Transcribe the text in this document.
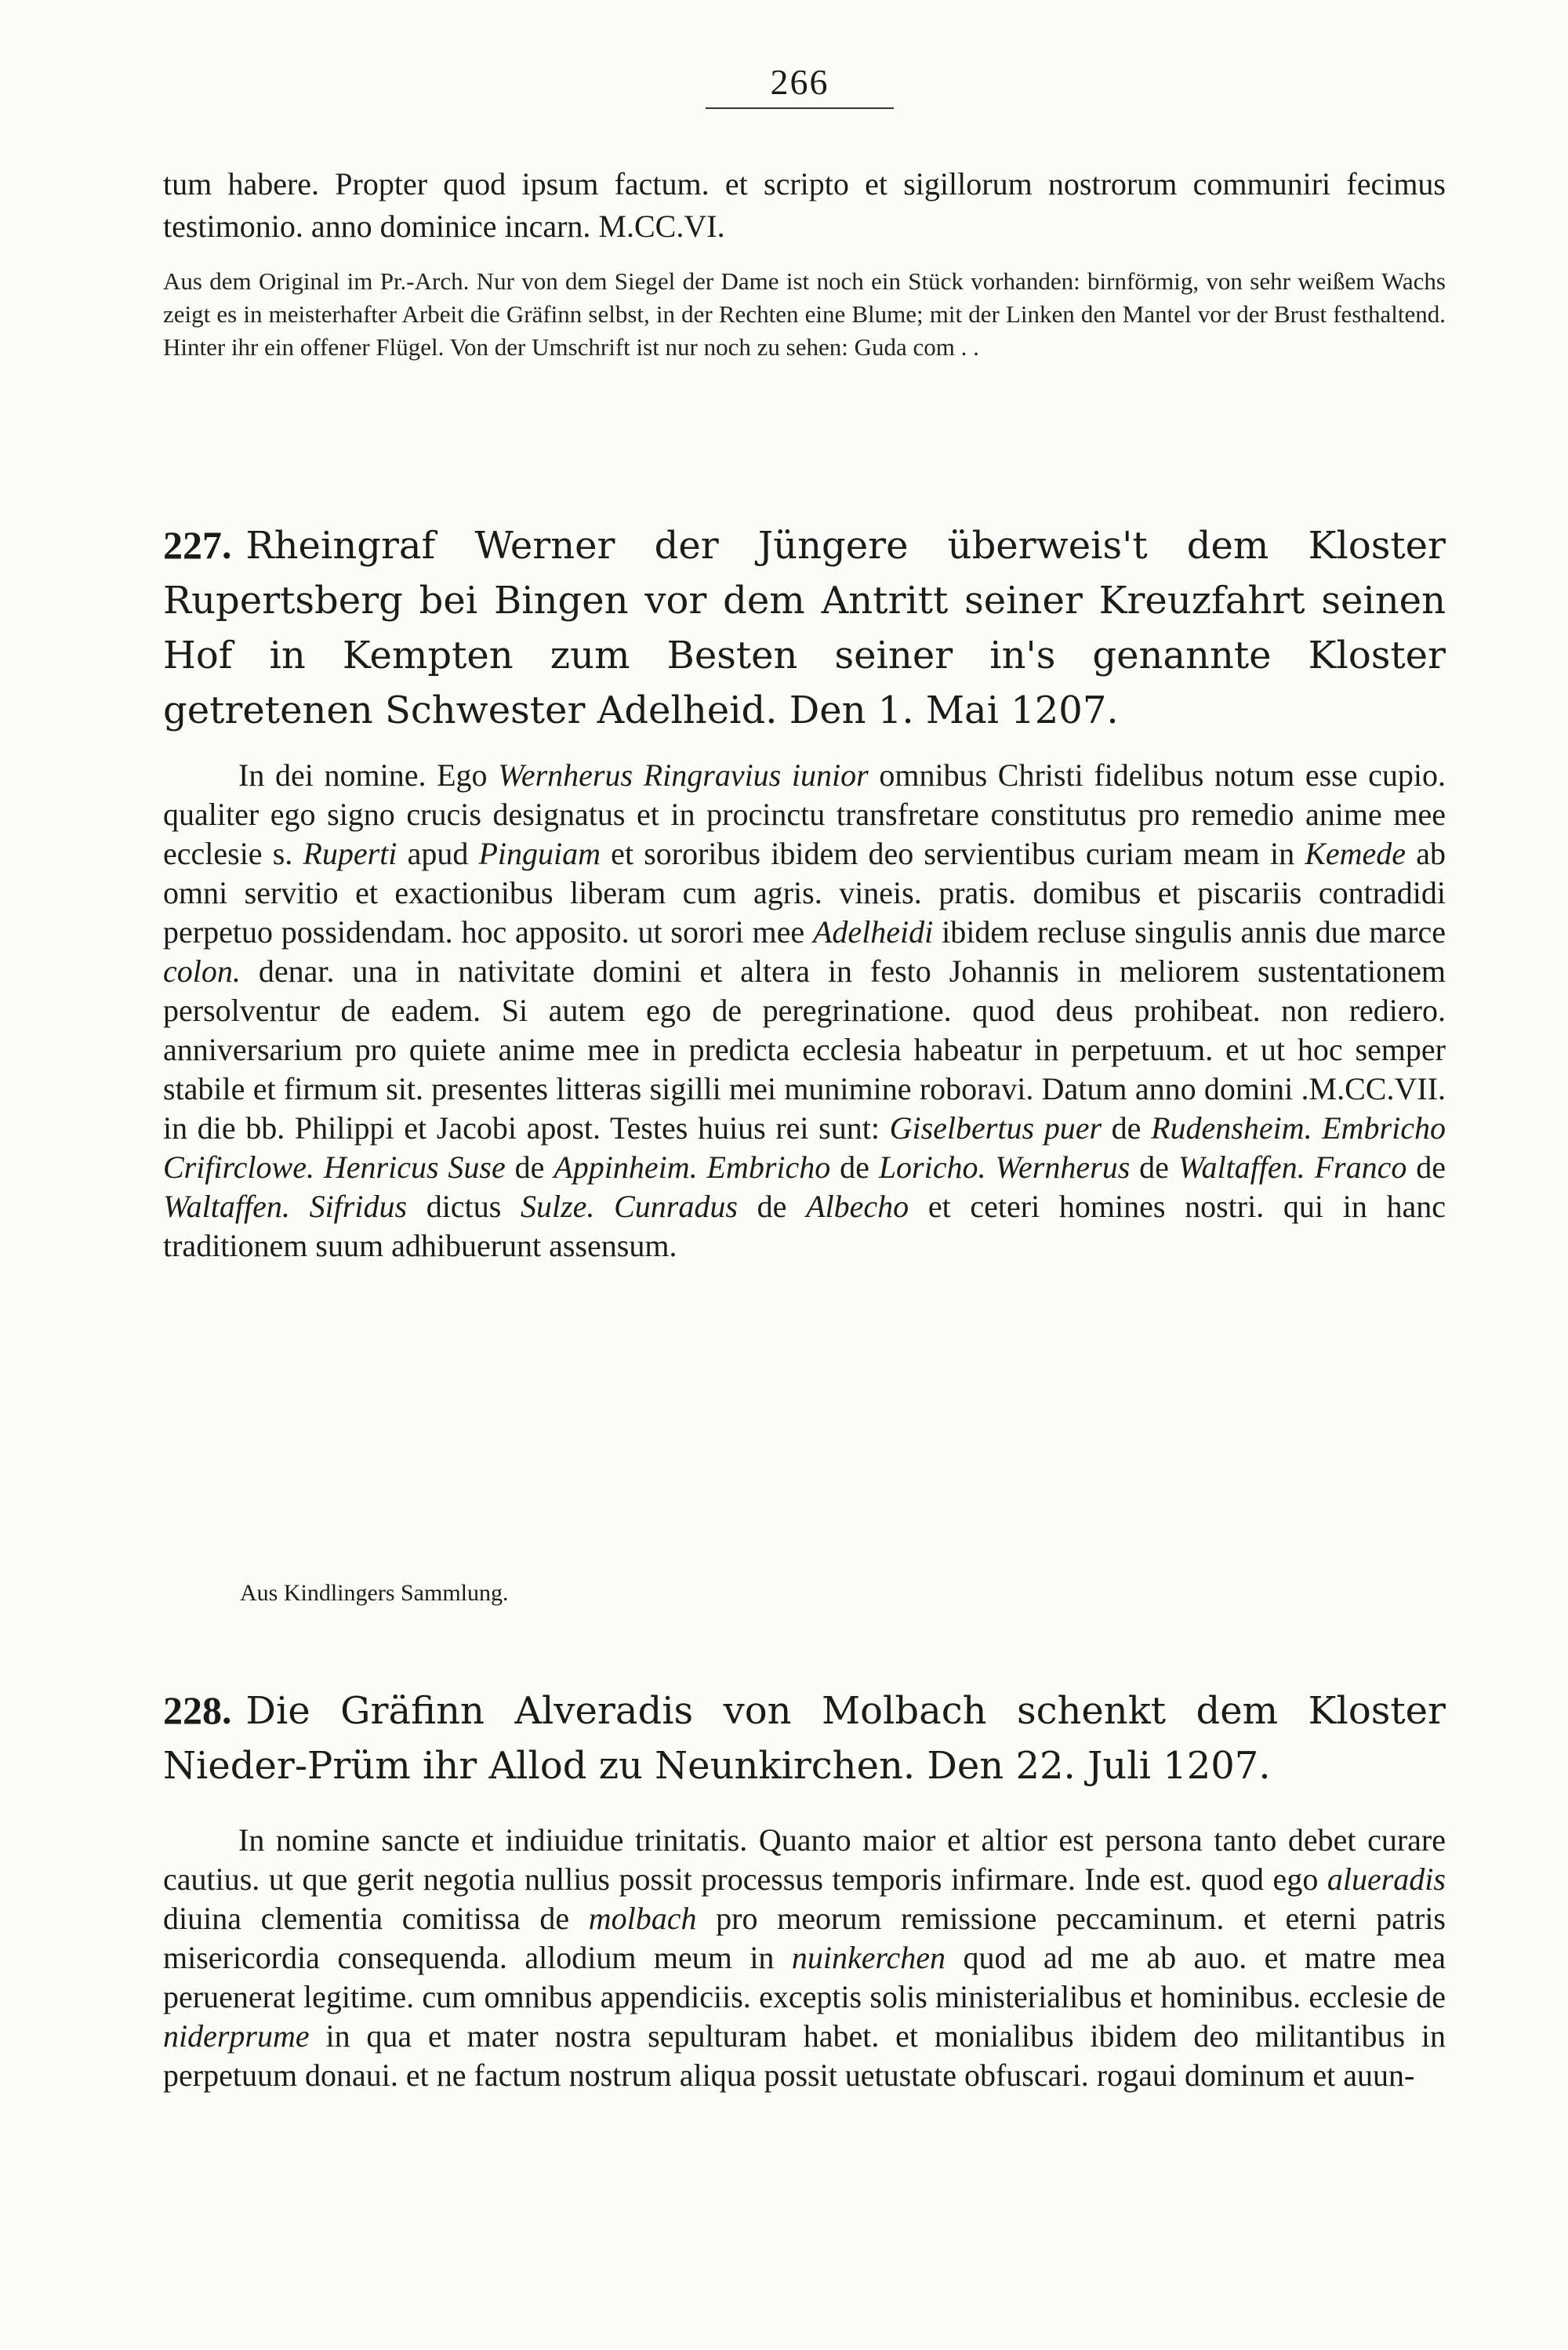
266

tum habere. Propter quod ipsum factum. et scripto et sigillorum nostrorum communiri fecimus testimonio. anno dominice incarn. M.CC.VI.

Aus dem Original im Pr.-Arch. Nur von dem Siegel der Dame ist noch ein Stück vorhanden: birnförmig, von sehr weißem Wachs zeigt es in meisterhafter Arbeit die Gräfinn selbst, in der Rechten eine Blume; mit der Linken den Mantel vor der Brust festhaltend. Hinter ihr ein offener Flügel. Von der Umschrift ist nur noch zu sehen: Guda com . .

227. Rheingraf Werner der Jüngere überweis't dem Kloster Rupertsberg bei Bingen vor dem Antritt seiner Kreuzfahrt seinen Hof in Kempten zum Besten seiner in's genannte Kloster getretenen Schwester Adelheid. Den 1. Mai 1207.

In dei nomine. Ego Wernherus Ringravius iunior omnibus Christi fidelibus notum esse cupio. qualiter ego signo crucis designatus et in procinctu transfretare constitutus pro remedio anime mee ecclesie s. Ruperti apud Pinguiam et sororibus ibidem deo servientibus curiam meam in Kemede ab omni servitio et exactionibus liberam cum agris. vineis. pratis. domibus et piscariis contradidi perpetuo possidendam. hoc apposito. ut sorori mee Adelheidi ibidem recluse singulis annis due marce colon. denar. una in nativitate domini et altera in festo Johannis in meliorem sustentationem persolventur de eadem. Si autem ego de peregrinatione. quod deus prohibeat. non rediero. anniversarium pro quiete anime mee in predicta ecclesia habeatur in perpetuum. et ut hoc semper stabile et firmum sit. presentes litteras sigilli mei munimine roboravi. Datum anno domini .M.CC.VII. in die bb. Philippi et Jacobi apost. Testes huius rei sunt: Giselbertus puer de Rudensheim. Embricho Crifirclowe. Henricus Suse de Appinheim. Embricho de Loricho. Wernherus de Waltaffen. Franco de Waltaffen. Sifridus dictus Sulze. Cunradus de Albecho et ceteri homines nostri. qui in hanc traditionem suum adhibuerunt assensum.

Aus Kindlingers Sammlung.

228. Die Gräfinn Alveradis von Molbach schenkt dem Kloster Nieder-Prüm ihr Allod zu Neunkirchen. Den 22. Juli 1207.

In nomine sancte et indiuidue trinitatis. Quanto maior et altior est persona tanto debet curare cautius. ut que gerit negotia nullius possit processus temporis infirmare. Inde est. quod ego alueradis diuina clementia comitissa de molbach pro meorum remissione peccaminum. et eterni patris misericordia consequenda. allodium meum in nuinkerchen quod ad me ab auo. et matre mea peruenerat legitime. cum omnibus appendiciis. exceptis solis ministerialibus et hominibus. ecclesie de niderprume in qua et mater nostra sepulturam habet. et monialibus ibidem deo militantibus in perpetuum donaui. et ne factum nostrum aliqua possit uetustate obfuscari. rogaui dominum et auun-
